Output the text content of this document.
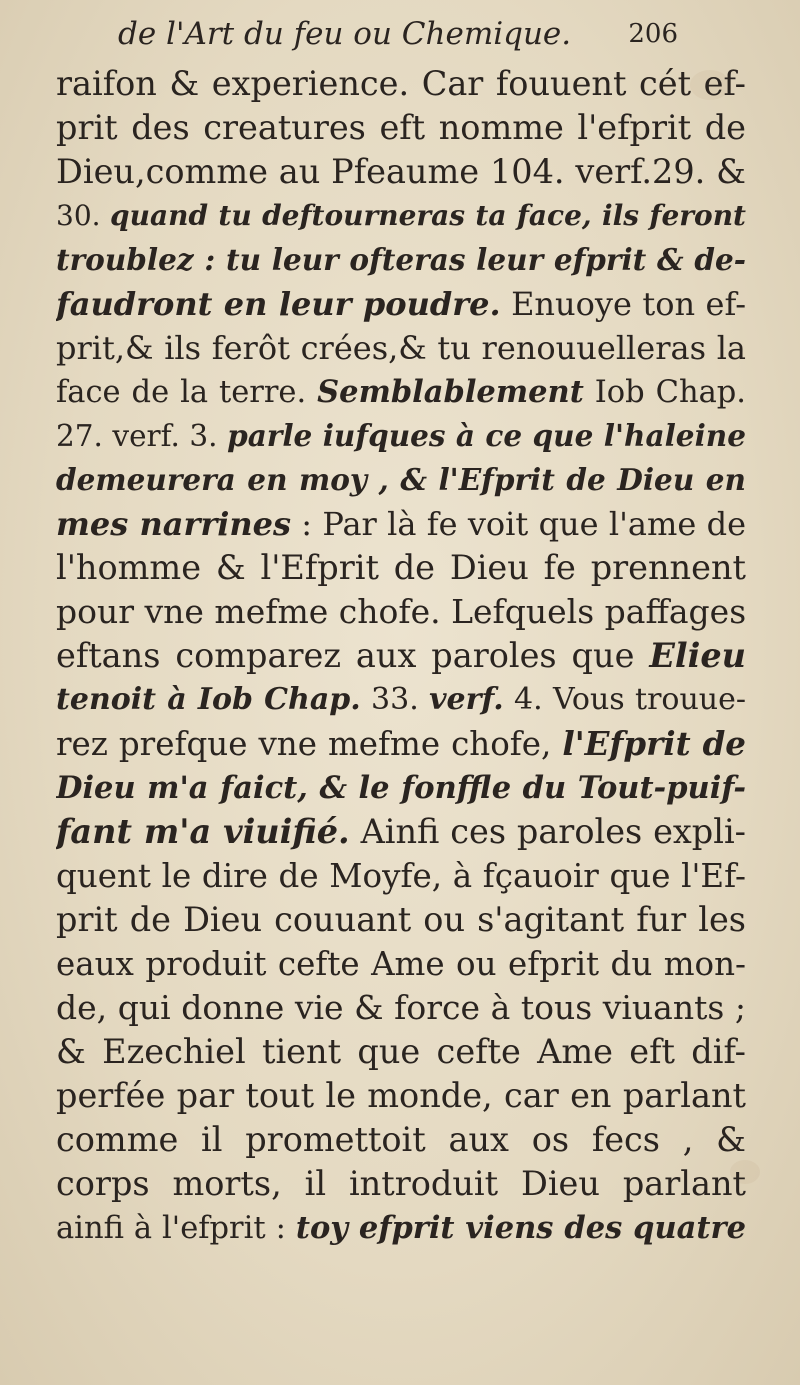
de l'Art du feu ou Chemique. 206
raifon & experience. Car fouuent cét ef-
prit des creatures eft nomme l'efprit de
Dieu,comme au Pfeaume 104. verf.29. &
30. quand tu deftourneras ta face, ils feront
troublez : tu leur ofteras leur efprit & de-
faudront en leur poudre. Enuoye ton ef-
prit,& ils ferôt crées,& tu renouuelleras la
face de la terre. Semblablement Iob Chap.
27. verf. 3. parle iufques à ce que l'haleine
demeurera en moy , & l'Efprit de Dieu en
mes narrines : Par là fe voit que l'ame de
l'homme & l'Efprit de Dieu fe prennent
pour vne mefme chofe. Lefquels paffages
eftans comparez aux paroles que Elieu
tenoit à Iob Chap. 33. verf. 4. Vous trouue-
rez prefque vne mefme chofe, l'Efprit de
Dieu m'a faict, & le fonffle du Tout-puif-
fant m'a viuifié. Ainfi ces paroles expli-
quent le dire de Moyfe, à fçauoir que l'Ef-
prit de Dieu couuant ou s'agitant fur les
eaux produit cefte Ame ou efprit du mon-
de, qui donne vie & force à tous viuants ;
& Ezechiel tient que cefte Ame eft dif-
perfée par tout le monde, car en parlant
comme il promettoit aux os fecs , &
corps morts, il introduit Dieu parlant
ainfi à l'efprit : toy efprit viens des quatre
